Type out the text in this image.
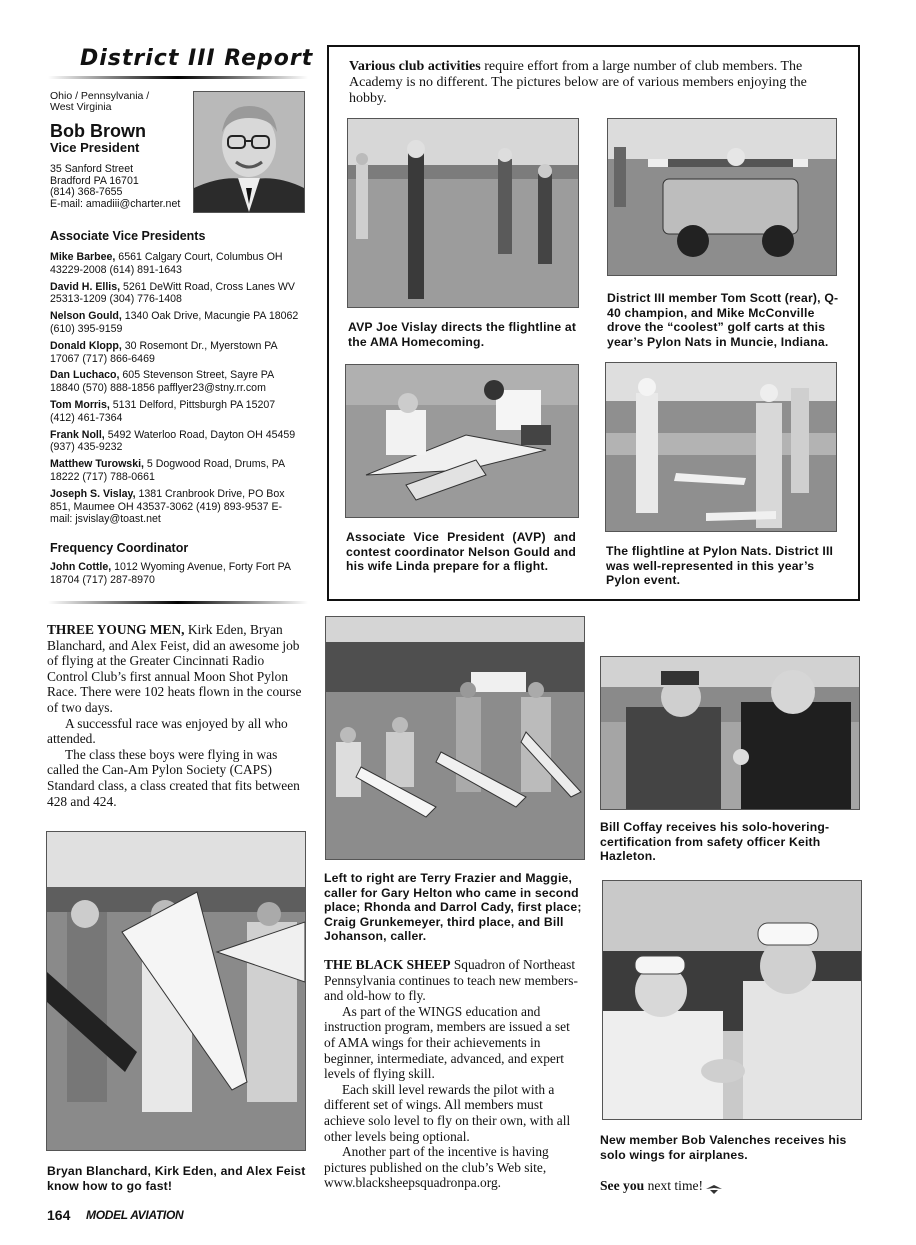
District III Report
Ohio / Pennsylvania / West Virginia
Bob Brown
Vice President
35 Sanford Street
Bradford PA 16701
(814) 368-7655
E-mail: amadiii@charter.net
Associate Vice Presidents

Mike Barbee, 6561 Calgary Court, Columbus OH 43229-2008 (614) 891-1643

David H. Ellis, 5261 DeWitt Road, Cross Lanes WV 25313-1209 (304) 776-1408

Nelson Gould, 1340 Oak Drive, Macungie PA 18062 (610) 395-9159

Donald Klopp, 30 Rosemont Dr., Myerstown PA 17067 (717) 866-6469

Dan Luchaco, 605 Stevenson Street, Sayre PA 18840 (570) 888-1856 pafflyer23@stny.rr.com

Tom Morris, 5131 Delford, Pittsburgh PA 15207 (412) 461-7364

Frank Noll, 5492 Waterloo Road, Dayton OH 45459 (937) 435-9232

Matthew Turowski, 5 Dogwood Road, Drums, PA 18222 (717) 788-0661

Joseph S. Vislay, 1381 Cranbrook Drive, PO Box 851, Maumee OH 43537-3062 (419) 893-9537 E-mail: jsvislay@toast.net

Frequency Coordinator

John Cottle, 1012 Wyoming Avenue, Forty Fort PA 18704 (717) 287-8970

Various club activities require effort from a large number of club members. The Academy is no different. The pictures below are of various members enjoying the hobby.
AVP Joe Vislay directs the flightline at the AMA Homecoming.
District III member Tom Scott (rear), Q-40 champion, and Mike McConville drove the “coolest” golf carts at this year’s Pylon Nats in Muncie, Indiana.
Associate Vice President (AVP) and contest coordinator Nelson Gould and his wife Linda prepare for a flight.
The flightline at Pylon Nats. District III was well-represented in this year’s Pylon event.

THREE YOUNG MEN, Kirk Eden, Bryan Blanchard, and Alex Feist, did an awesome job of flying at the Greater Cincinnati Radio Control Club’s first annual Moon Shot Pylon Race. There were 102 heats flown in the course of two days.

A successful race was enjoyed by all who attended.

The class these boys were flying in was called the Can-Am Pylon Society (CAPS) Standard class, a class created that fits between 428 and 424.

Bryan Blanchard, Kirk Eden, and Alex Feist know how to go fast!
Left to right are Terry Frazier and Maggie, caller for Gary Helton who came in second place; Rhonda and Darrol Cady, first place; Craig Grunkemeyer, third place, and Bill Johanson, caller.

THE BLACK SHEEP Squadron of Northeast Pennsylvania continues to teach new members-and old-how to fly.

As part of the WINGS education and instruction program, members are issued a set of AMA wings for their achievements in beginner, intermediate, advanced, and expert levels of flying skill.

Each skill level rewards the pilot with a different set of wings. All members must achieve solo level to fly on their own, with all other levels being optional.

Another part of the incentive is having pictures published on the club’s Web site, www.blacksheepsquadronpa.org.

Bill Coffay receives his solo-hovering-certification from safety officer Keith Hazleton.
New member Bob Valenches receives his solo wings for airplanes.
See you next time!
164 MODEL AVIATION
